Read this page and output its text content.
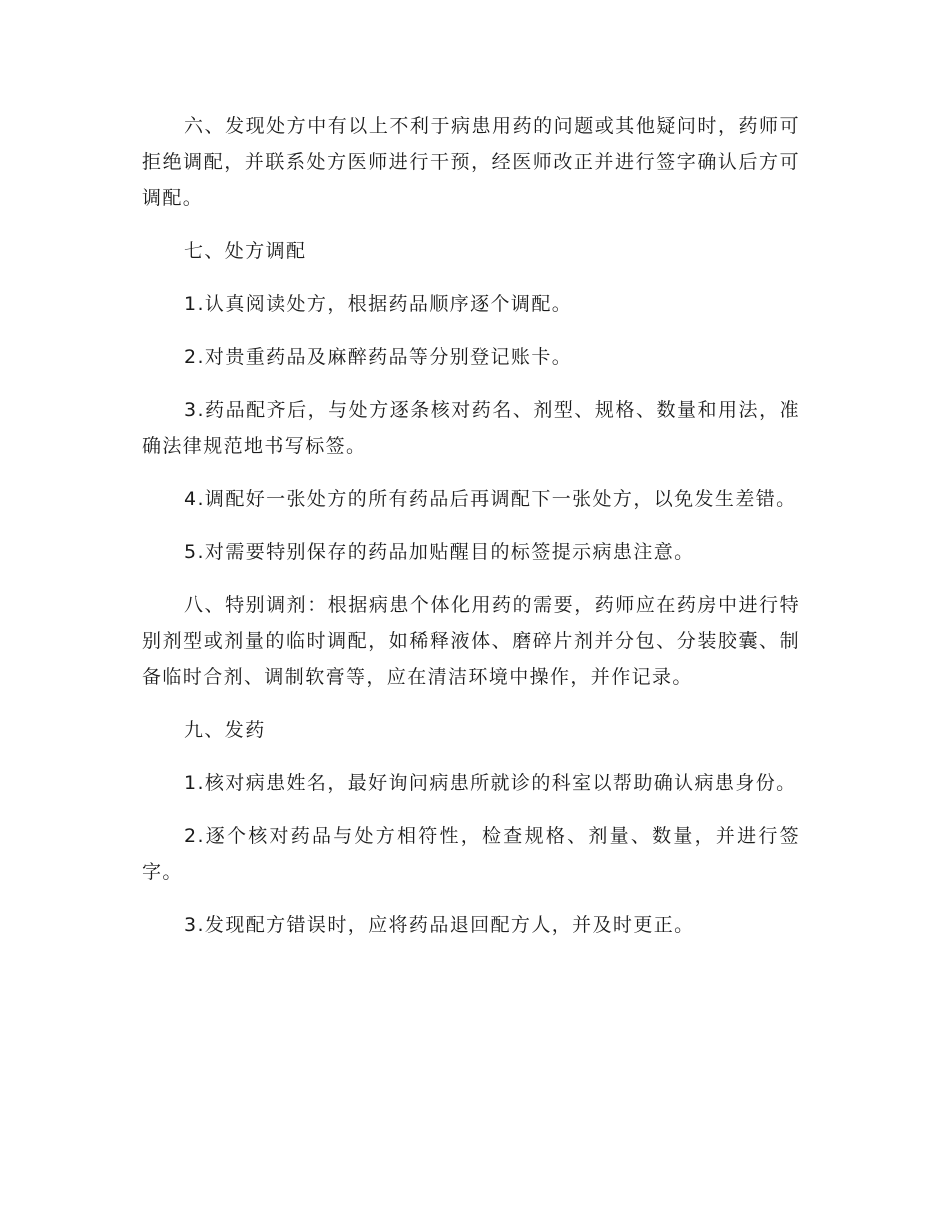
六、发现处方中有以上不利于病患用药的问题或其他疑问时，药师可拒绝调配，并联系处方医师进行干预，经医师改正并进行签字确认后方可调配。

七、处方调配

1.认真阅读处方，根据药品顺序逐个调配。

2.对贵重药品及麻醉药品等分别登记账卡。

3.药品配齐后，与处方逐条核对药名、剂型、规格、数量和用法，准确法律规范地书写标签。

4.调配好一张处方的所有药品后再调配下一张处方，以免发生差错。

5.对需要特别保存的药品加贴醒目的标签提示病患注意。

八、特别调剂：根据病患个体化用药的需要，药师应在药房中进行特别剂型或剂量的临时调配，如稀释液体、磨碎片剂并分包、分装胶囊、制备临时合剂、调制软膏等，应在清洁环境中操作，并作记录。

九、发药

1.核对病患姓名，最好询问病患所就诊的科室以帮助确认病患身份。

2.逐个核对药品与处方相符性，检查规格、剂量、数量，并进行签字。

3.发现配方错误时，应将药品退回配方人，并及时更正。
